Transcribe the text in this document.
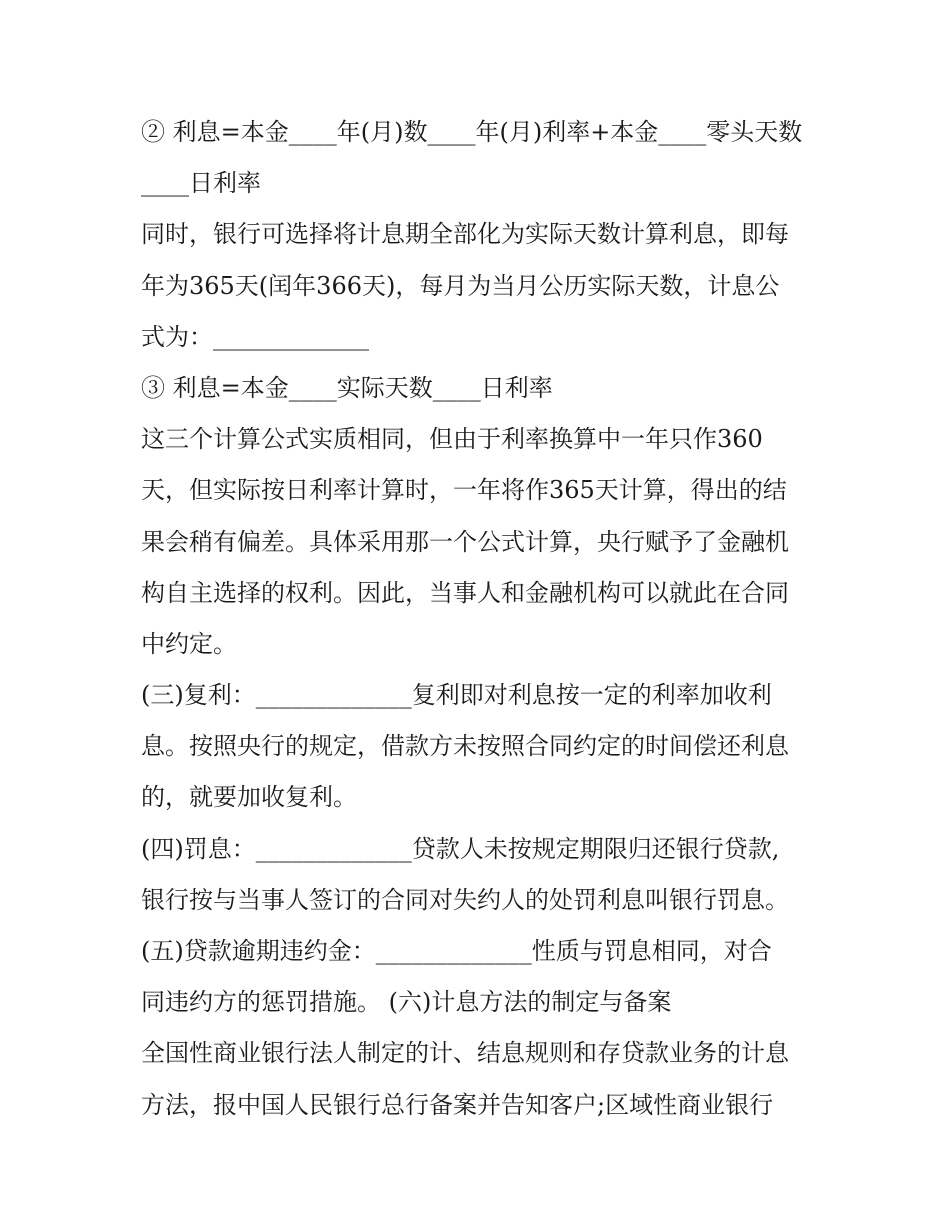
② 利息=本金____年(月)数____年(月)利率+本金____零头天数
____日利率
同时，银行可选择将计息期全部化为实际天数计算利息，即每
年为365天(闰年366天)，每月为当月公历实际天数，计息公
式为：_____________
③ 利息=本金____实际天数____日利率
这三个计算公式实质相同，但由于利率换算中一年只作360
天，但实际按日利率计算时，一年将作365天计算，得出的结
果会稍有偏差。具体采用那一个公式计算，央行赋予了金融机
构自主选择的权利。因此，当事人和金融机构可以就此在合同
中约定。
(三)复利：_____________复利即对利息按一定的利率加收利
息。按照央行的规定，借款方未按照合同约定的时间偿还利息
的，就要加收复利。
(四)罚息：_____________贷款人未按规定期限归还银行贷款,
银行按与当事人签订的合同对失约人的处罚利息叫银行罚息。
(五)贷款逾期违约金：_____________性质与罚息相同，对合
同违约方的惩罚措施。 (六)计息方法的制定与备案
全国性商业银行法人制定的计、结息规则和存贷款业务的计息
方法，报中国人民银行总行备案并告知客户;区域性商业银行
